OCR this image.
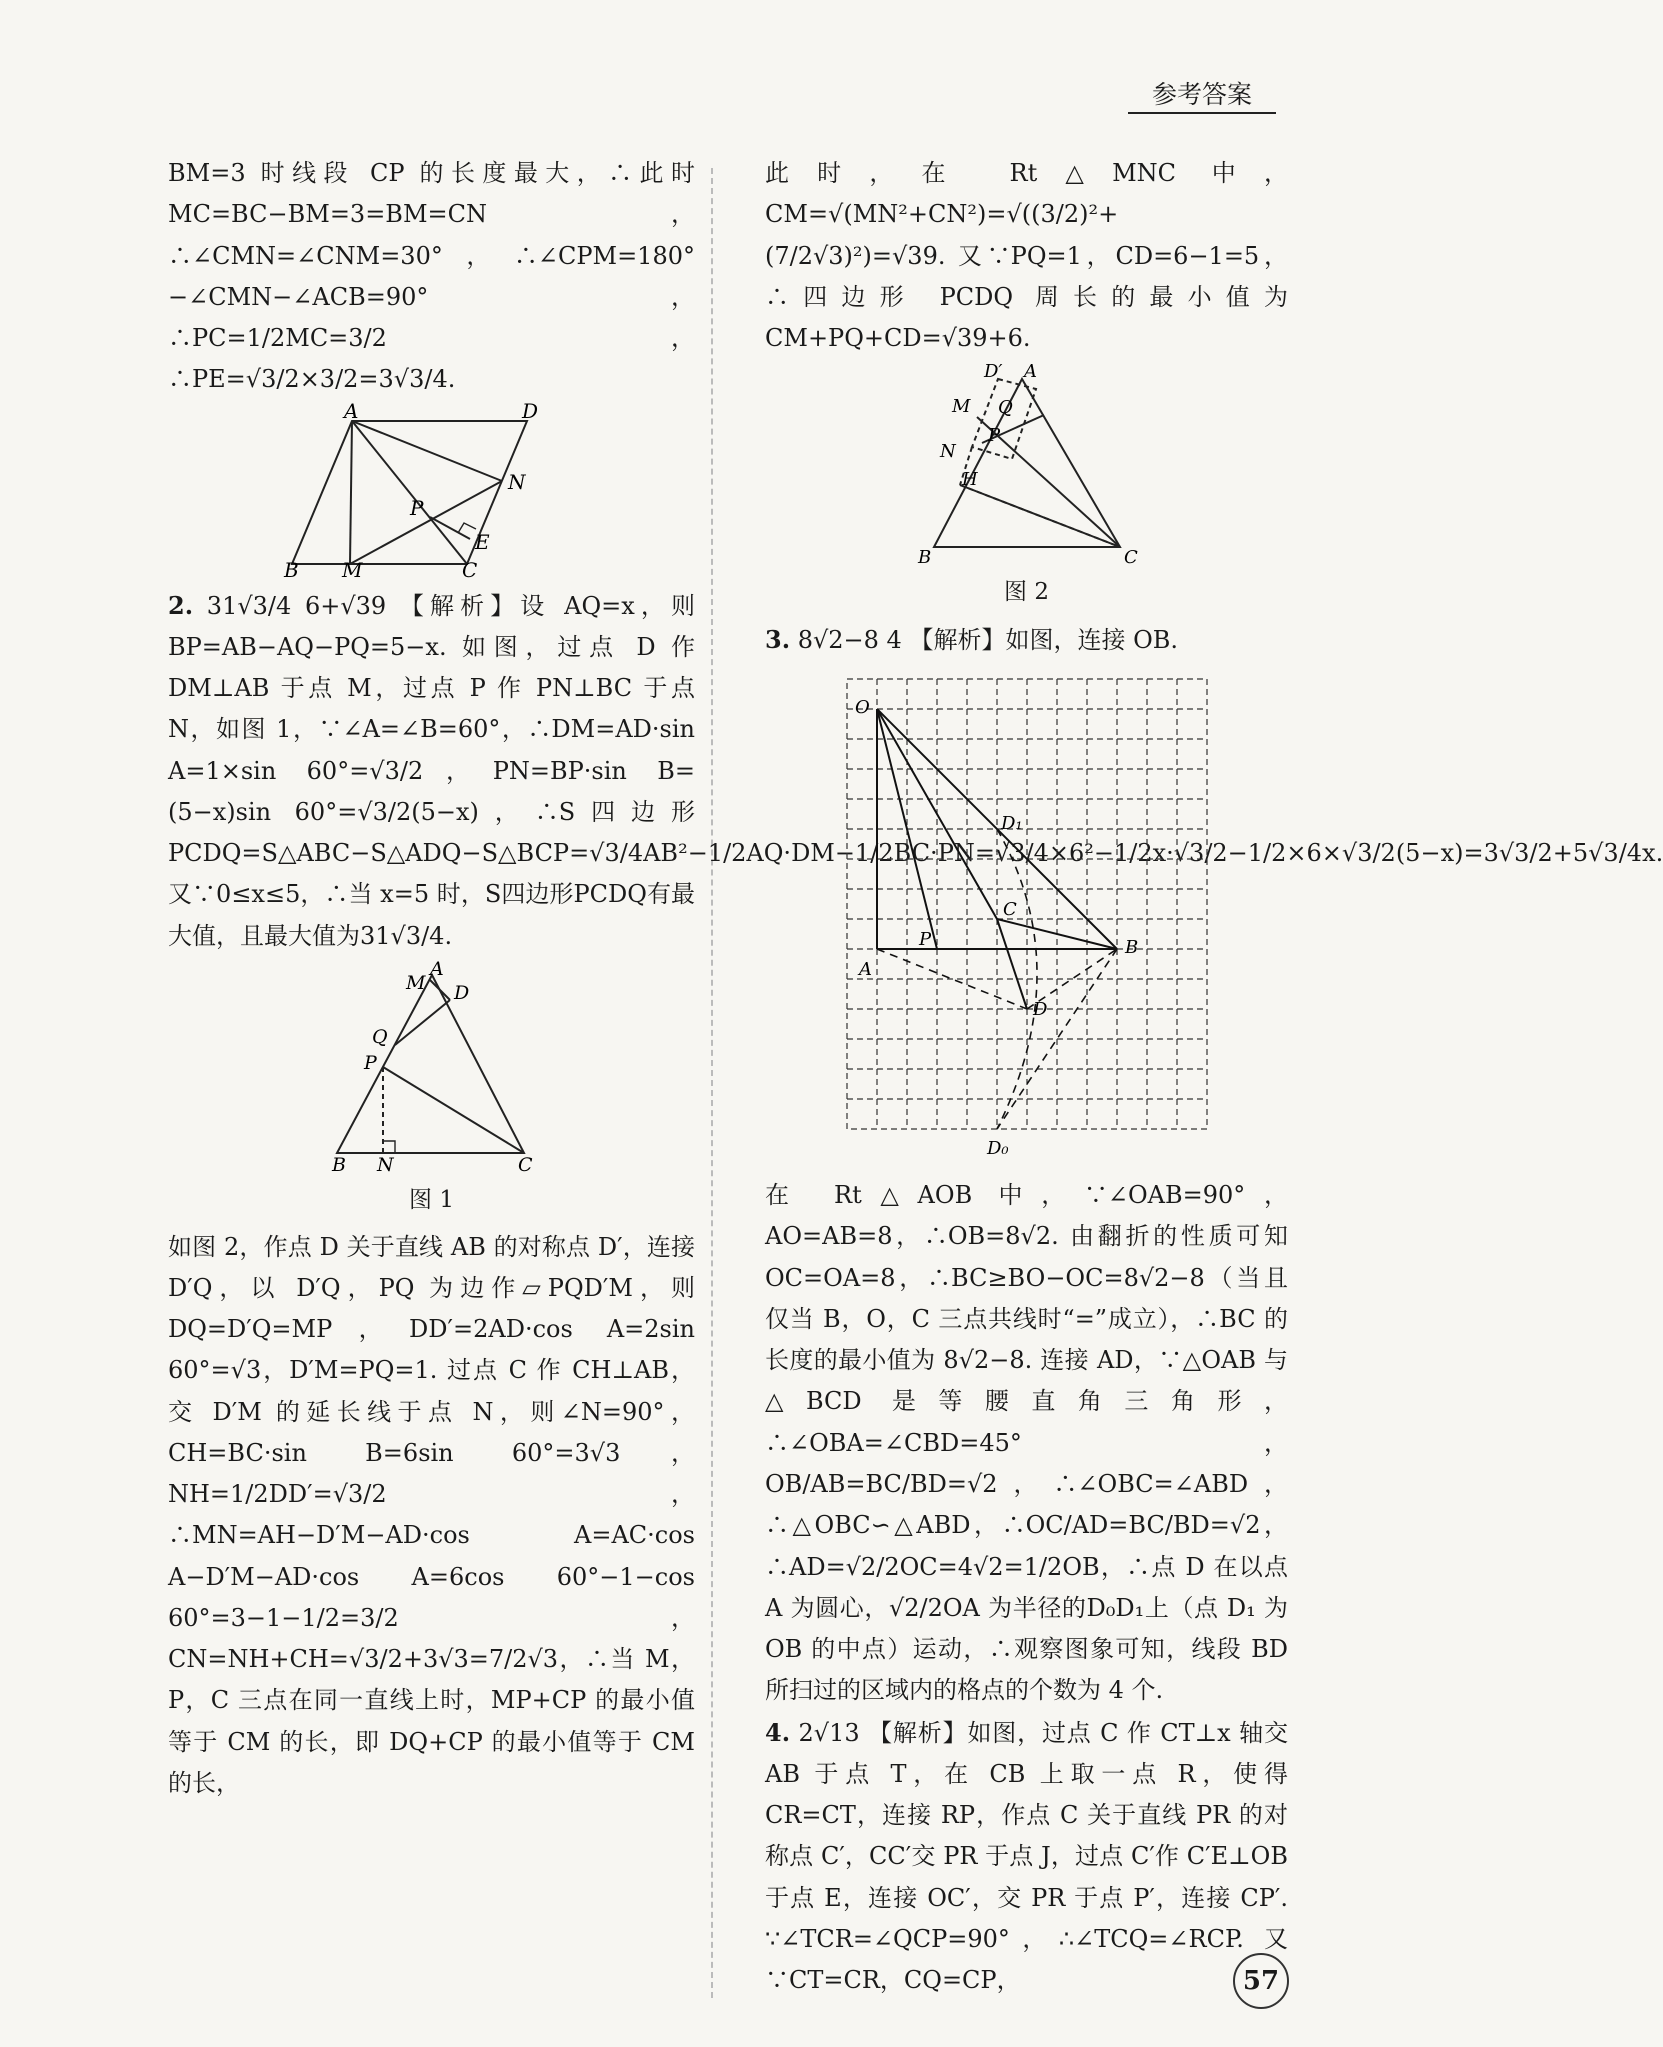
参考答案

BM=3 时线段 CP 的长度最大，∴此时 MC=BC−BM=3=BM=CN，∴∠CMN=∠CNM=30°，∴∠CPM=180°−∠CMN−∠ACB=90°，∴PC=1/2MC=3/2，∴PE=√3/2×3/2=3√3/4.

A	D
N
P
E
B M	C

2. 31√3/4 6+√39 【解析】设 AQ=x，则 BP=AB−AQ−PQ=5−x. 如图，过点 D 作 DM⊥AB 于点 M，过点 P 作 PN⊥BC 于点 N，如图 1，∵∠A=∠B=60°，∴DM=AD·sin A=1×sin 60°=√3/2，PN=BP·sin B=(5−x)sin 60°=√3/2(5−x)，∴S四边形PCDQ=S△ABC−S△ADQ−S△BCP=√3/4AB²−1/2AQ·DM−1/2BC·PN=√3/4×6²−1/2x·√3/2−1/2×6×√3/2(5−x)=3√3/2+5√3/4x. 又∵0≤x≤5，∴当 x=5 时，S四边形PCDQ有最大值，且最大值为31√3/4.

A
M D
Q
P
B N	C

图 1

如图 2，作点 D 关于直线 AB 的对称点 D′，连接 D′Q，以 D′Q，PQ 为边作▱PQD′M，则 DQ=D′Q=MP，DD′=2AD·cos A=2sin 60°=√3，D′M=PQ=1. 过点 C 作 CH⊥AB，交 D′M 的延长线于点 N，则∠N=90°，CH=BC·sin B=6sin 60°=3√3，NH=1/2DD′=√3/2，∴MN=AH−D′M−AD·cos A=AC·cos A−D′M−AD·cos A=6cos 60°−1−cos 60°=3−1−1/2=3/2，CN=NH+CH=√3/2+3√3=7/2√3，∴当 M，P，C 三点在同一直线上时，MP+CP 的最小值等于 CM 的长，即 DQ+CP 的最小值等于 CM 的长，

此时，在 Rt△MNC 中，CM=√(MN²+CN²)=√((3/2)²+(7/2√3)²)=√39. 又∵PQ=1，CD=6−1=5，∴四边形 PCDQ 周长的最小值为 CM+PQ+CD=√39+6.

D′ A
M Q
P
N
H
B	C

图 2

3. 8√2−8 4 【解析】如图，连接 OB.

O
D₁
C
P
A
B
D
D₀

在 Rt△AOB 中，∵∠OAB=90°，AO=AB=8，∴OB=8√2. 由翻折的性质可知 OC=OA=8，∴BC≥BO−OC=8√2−8（当且仅当 B，O，C 三点共线时“=”成立），∴BC 的长度的最小值为 8√2−8. 连接 AD，∵△OAB 与△BCD 是等腰直角三角形，∴∠OBA=∠CBD=45°，OB/AB=BC/BD=√2，∴∠OBC=∠ABD，∴△OBC∽△ABD，∴OC/AD=BC/BD=√2，∴AD=√2/2OC=4√2=1/2OB，∴点 D 在以点 A 为圆心，√2/2OA 为半径的D₀D₁上（点 D₁ 为 OB 的中点）运动，∴观察图象可知，线段 BD 所扫过的区域内的格点的个数为 4 个.

4. 2√13 【解析】如图，过点 C 作 CT⊥x 轴交 AB 于点 T，在 CB 上取一点 R，使得 CR=CT，连接 RP，作点 C 关于直线 PR 的对称点 C′，CC′交 PR 于点 J，过点 C′作 C′E⊥OB 于点 E，连接 OC′，交 PR 于点 P′，连接 CP′. ∵∠TCR=∠QCP=90°，∴∠TCQ=∠RCP. 又∵CT=CR，CQ=CP，	57
